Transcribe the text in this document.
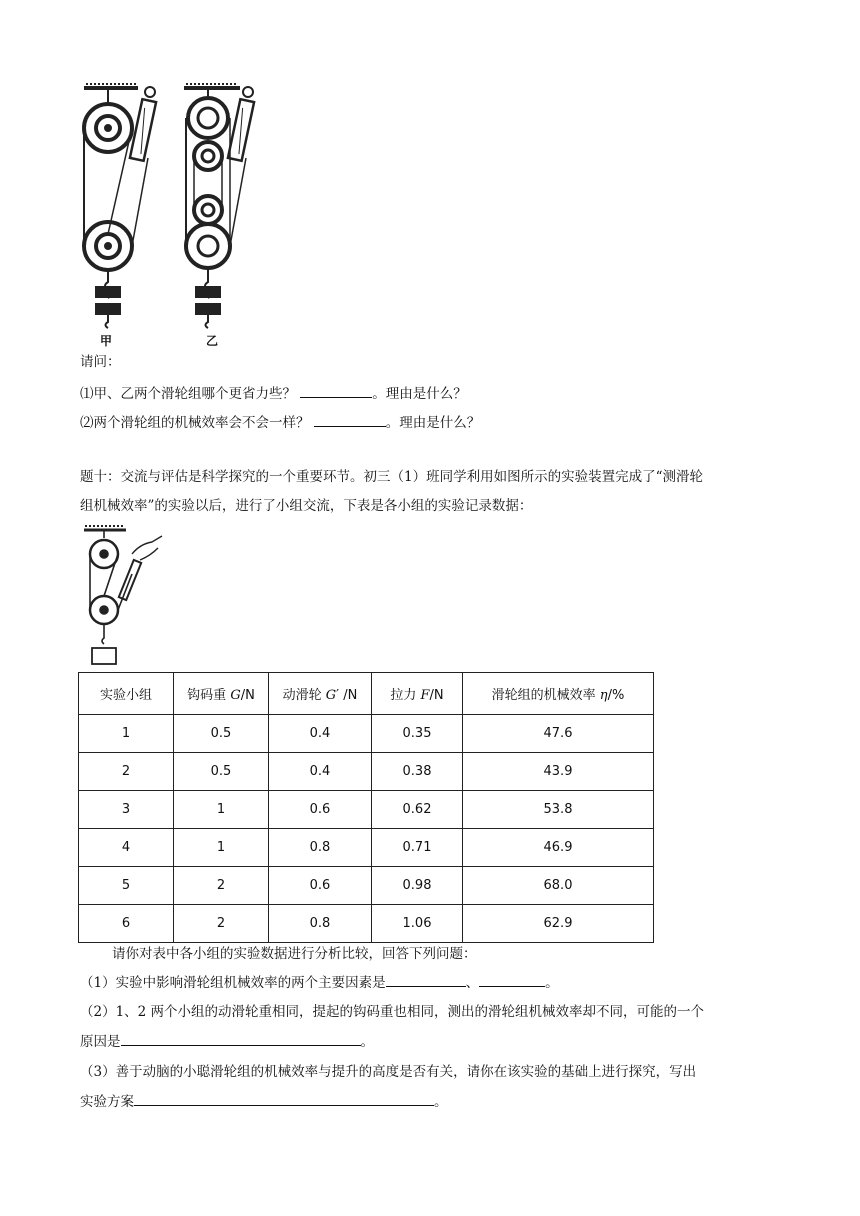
甲	乙
请问：
⑴甲、乙两个滑轮组哪个更省力些？	。理由是什么？
⑵两个滑轮组的机械效率会不会一样？	。理由是什么？
题十：交流与评估是科学探究的一个重要环节。初三（1）班同学利用如图所示的实验装置完成了“测滑轮
组机械效率”的实验以后，进行了小组交流，下表是各小组的实验记录数据：
实验小组	钩码重 G/N	动滑轮 G′ /N	拉力 F/N	滑轮组的机械效率 η/%
1	0.5	0.4	0.35	47.6
2	0.5	0.4	0.38	43.9
3	1	0.6	0.62	53.8
4	1	0.8	0.71	46.9
5	2	0.6	0.98	68.0
6	2	0.8	1.06	62.9
请你对表中各小组的实验数据进行分析比较，回答下列问题：
（1）实验中影响滑轮组机械效率的两个主要因素是	、	。
（2）1、2 两个小组的动滑轮重相同，提起的钩码重也相同，测出的滑轮组机械效率却不同，可能的一个
原因是	。
（3）善于动脑的小聪滑轮组的机械效率与提升的高度是否有关，请你在该实验的基础上进行探究，写出
实验方案	。
